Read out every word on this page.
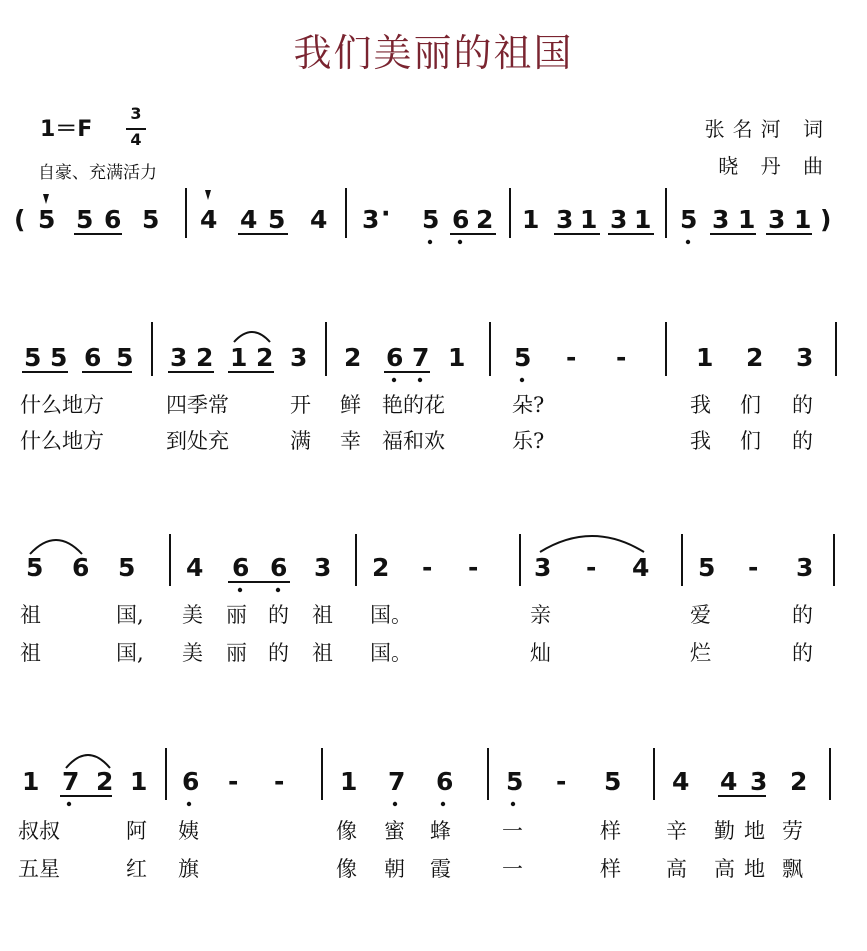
我们美丽的祖国
1＝F
3
4
自豪、充满活力
张名河 词
晓 丹 曲
(	)
5 5 6 5 4 4 5 4 3 · 5 6 2 1 3 1 3 1 5 3 1 3 1
5 5 6 5 3 2 1 2 3 2 6 7 1 5 - -	1 2 3
什么地方	四季常	开 鲜 艳的花	朵?	我 们 的
什么地方	到处充	满 幸 福和欢	乐?	我 们 的
5 6 5 4 6 6 3 2 - - 3 - 4 5 - 3
祖	国, 美 丽 的 祖 国。	亲	爱	的
祖	国, 美 丽 的 祖 国。	灿	烂	的
1 7 2 1 6 - - 1 7 6 5 - 5 4 4 3 2
叔叔	阿 姨	像 蜜 蜂 一	样 辛 勤 地 劳
五星	红 旗	像 朝 霞 一	样 高 高 地 飘
